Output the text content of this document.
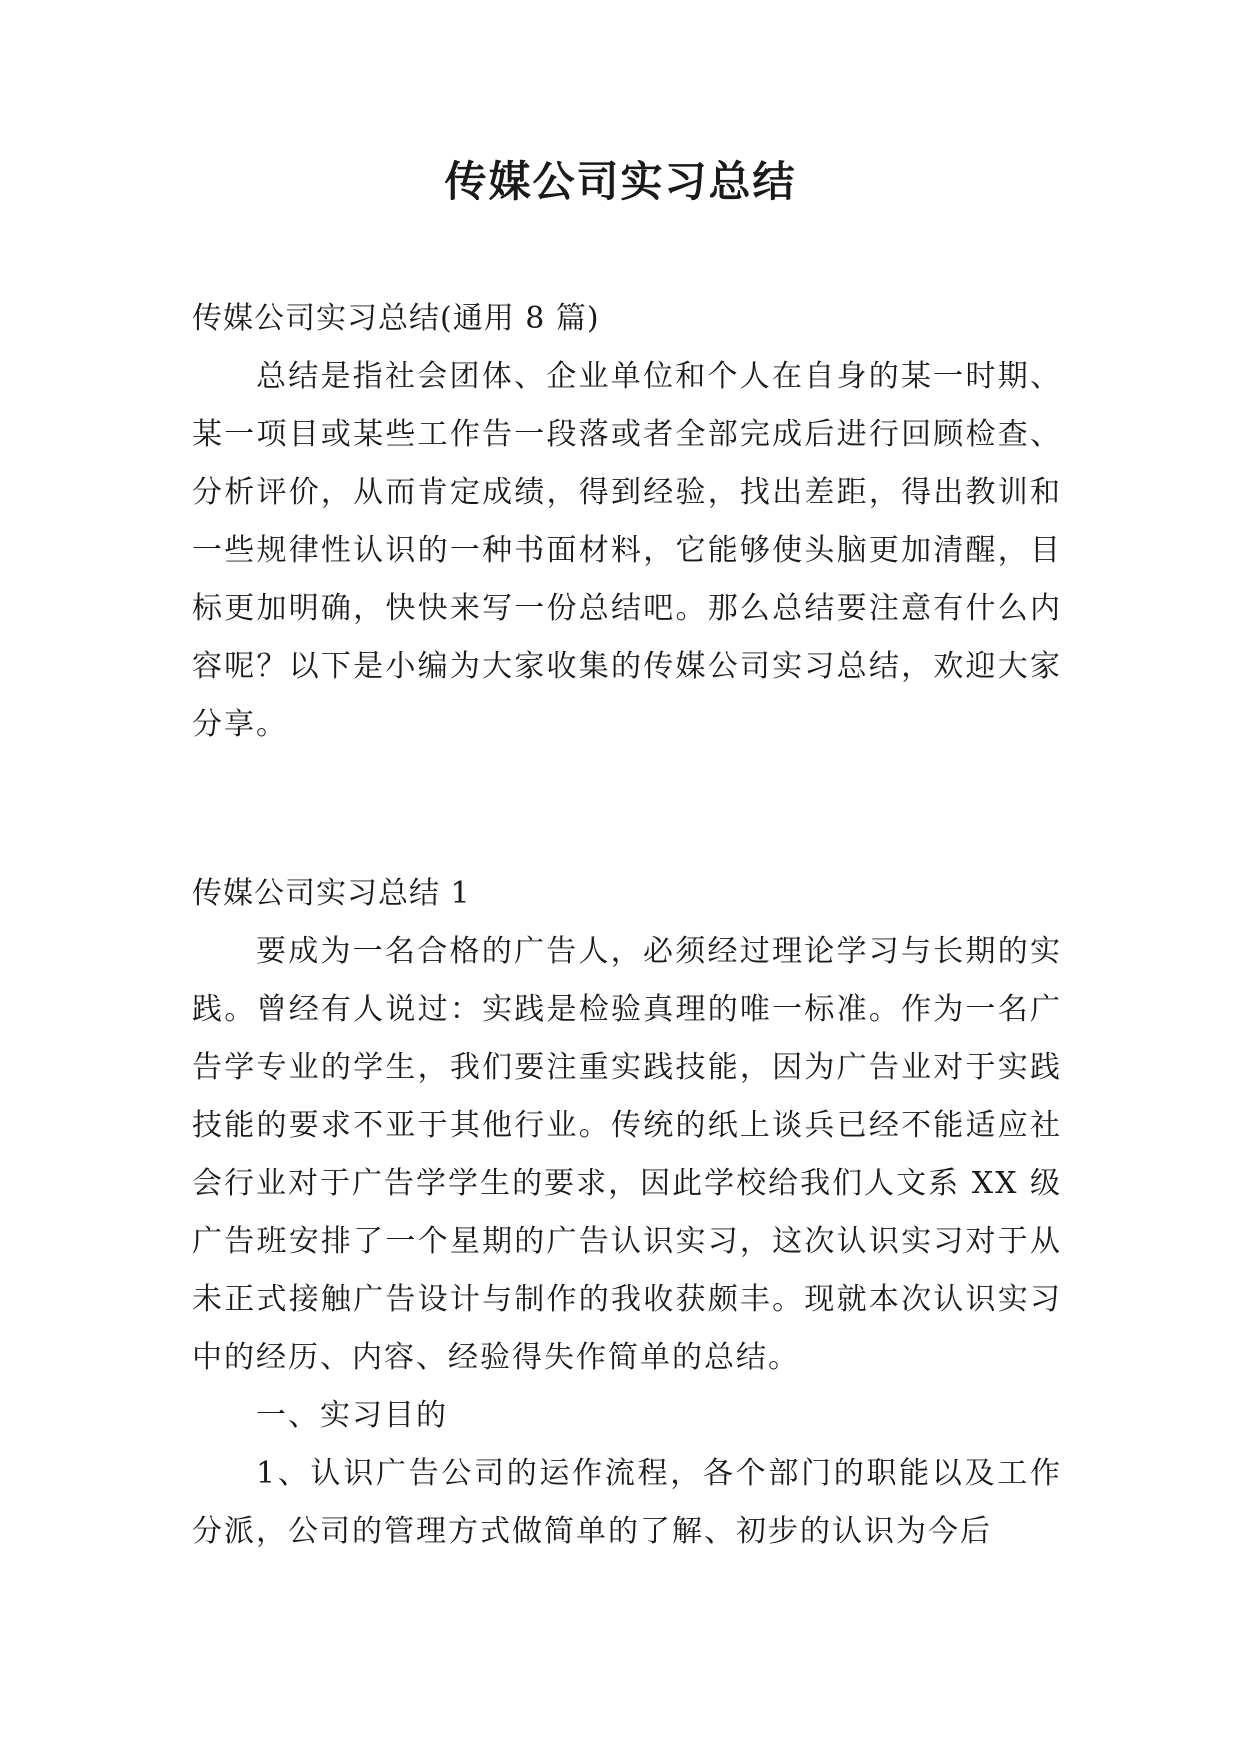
传媒公司实习总结

传媒公司实习总结(通用 8 篇)

总结是指社会团体、企业单位和个人在自身的某一时期、某一项目或某些工作告一段落或者全部完成后进行回顾检查、分析评价，从而肯定成绩，得到经验，找出差距，得出教训和一些规律性认识的一种书面材料，它能够使头脑更加清醒，目标更加明确，快快来写一份总结吧。那么总结要注意有什么内容呢？以下是小编为大家收集的传媒公司实习总结，欢迎大家分享。

传媒公司实习总结 1

要成为一名合格的广告人，必须经过理论学习与长期的实践。曾经有人说过：实践是检验真理的唯一标准。作为一名广告学专业的学生，我们要注重实践技能，因为广告业对于实践技能的要求不亚于其他行业。传统的纸上谈兵已经不能适应社会行业对于广告学学生的要求，因此学校给我们人文系 XX 级广告班安排了一个星期的广告认识实习，这次认识实习对于从未正式接触广告设计与制作的我收获颇丰。现就本次认识实习中的经历、内容、经验得失作简单的总结。

一、实习目的

1、认识广告公司的运作流程，各个部门的职能以及工作分派，公司的管理方式做简单的了解、初步的认识为今后
